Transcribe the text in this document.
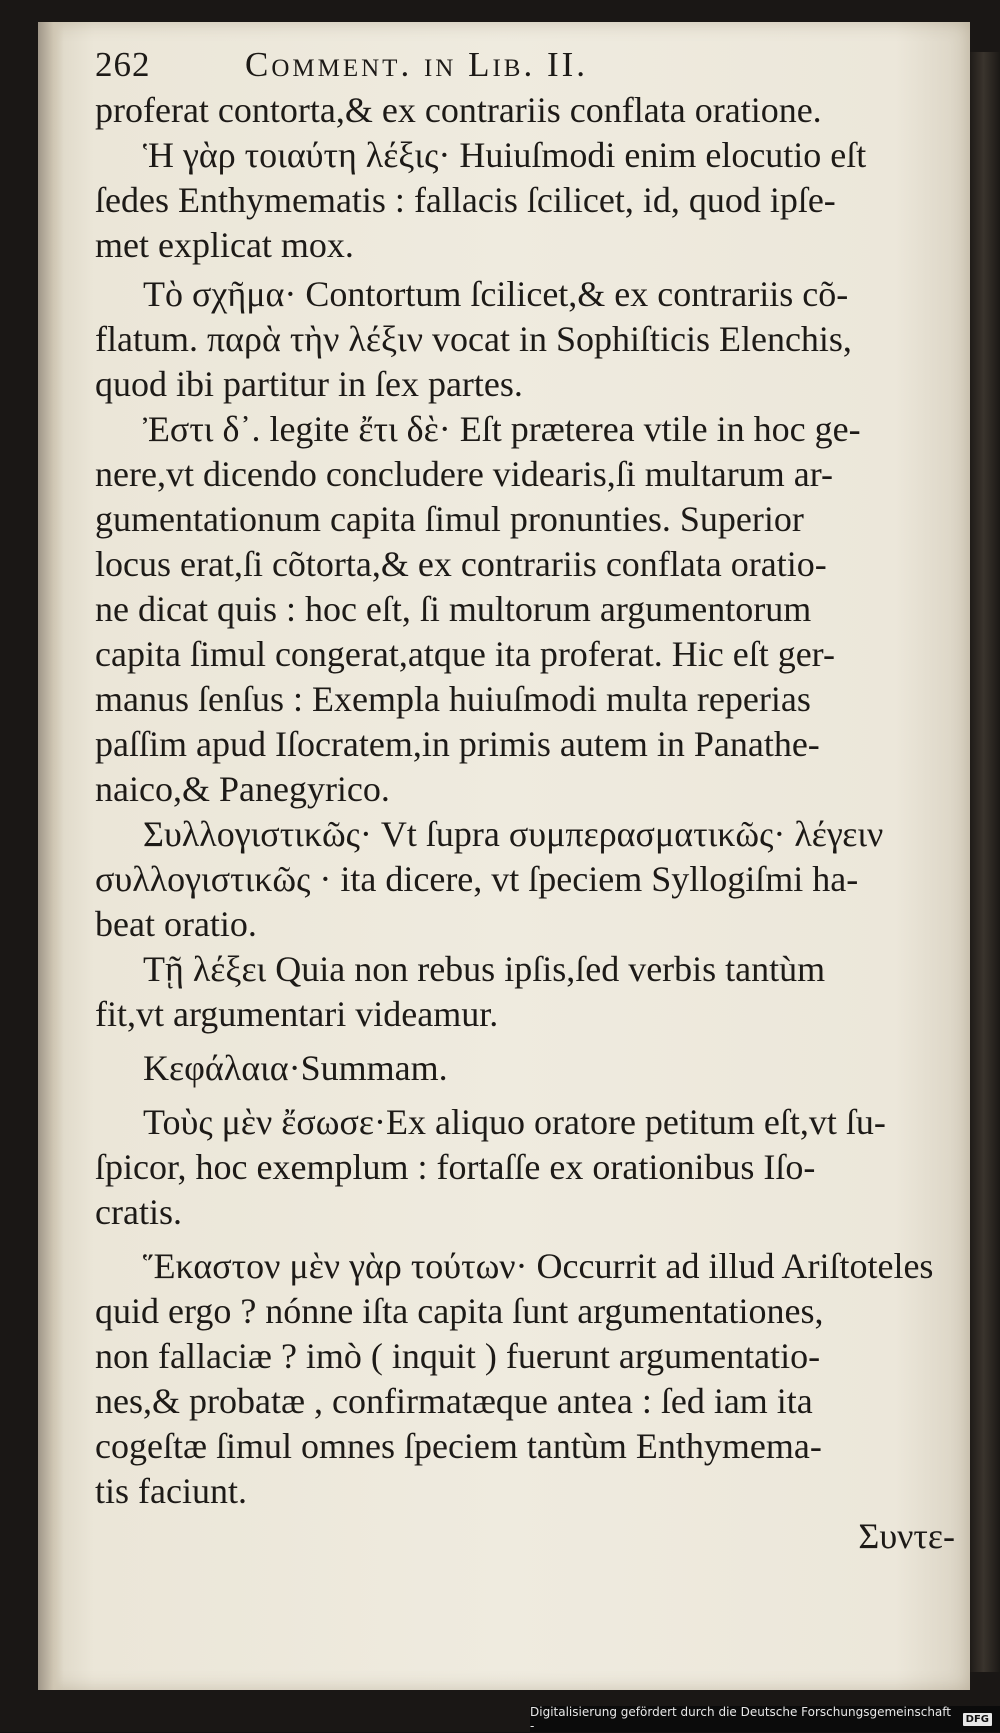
262	Comment. in Lib. II.
proferat contorta,& ex contrariis conflata oratione.
Ἡ γὰρ τοιαύτη λέξις· Huiuſmodi enim elocutio eſt
ſedes Enthymematis : fallacis ſcilicet, id, quod ipſe-
met explicat mox.
Τὸ σχῆμα· Contortum ſcilicet,& ex contrariis cõ-
flatum. παρὰ τὴν λέξιν vocat in Sophiſticis Elenchis,
quod ibi partitur in ſex partes.
Ἐστι δ᾽. legite ἔτι δὲ· Eſt præterea vtile in hoc ge-
nere,vt dicendo concludere videaris,ſi multarum ar-
gumentationum capita ſimul pronunties. Superior
locus erat,ſi cõtorta,& ex contrariis conflata oratio-
ne dicat quis : hoc eſt, ſi multorum argumentorum
capita ſimul congerat,atque ita proferat. Hic eſt ger-
manus ſenſus : Exempla huiuſmodi multa reperias
paſſim apud Iſocratem,in primis autem in Panathe-
naico,& Panegyrico.
Συλλογιστικῶς· Vt ſupra συμπερασματικῶς· λέγειν
συλλογιστικῶς · ita dicere, vt ſpeciem Syllogiſmi ha-
beat oratio.
Τῇ λέξει Quia non rebus ipſis,ſed verbis tantùm
fit,vt argumentari videamur.
Κεφάλαια·Summam.
Τοὺς μὲν ἔσωσε·Ex aliquo oratore petitum eſt,vt ſu-
ſpicor, hoc exemplum : fortaſſe ex orationibus Iſo-
cratis.
Ἕκαστον μὲν γὰρ τούτων· Occurrit ad illud Ariſtoteles
quid ergo ? nónne iſta capita ſunt argumentationes,
non fallaciæ ? imò ( inquit ) fuerunt argumentatio-
nes,& probatæ , confirmatæque antea : ſed iam ita
cogeſtæ ſimul omnes ſpeciem tantùm Enthymema-
tis faciunt.
Συντε-
Digitalisierung gefördert durch die Deutsche Forschungsgemeinschaft -	DFG
